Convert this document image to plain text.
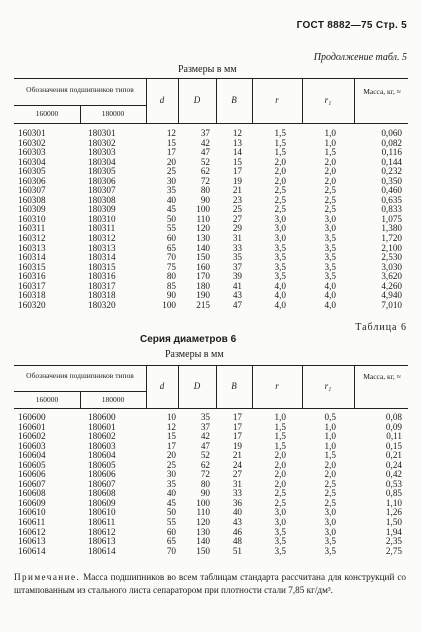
ГОСТ 8882—75 Стр. 5
Продолжение табл. 5
Размеры в мм
Обозначения подшипников типов
160000	180000
d	D	B	r	r₁
Масса, кг, ≈
160301	180301	12	37	12	1,5	1,0	0,060
160302	180302	15	42	13	1,5	1,0	0,082
160303	180303	17	47	14	1,5	1,5	0,116
160304	180304	20	52	15	2,0	2,0	0,144
160305	180305	25	62	17	2,0	2,0	0,232
160306	180306	30	72	19	2,0	2,0	0,350
160307	180307	35	80	21	2,5	2,5	0,460
160308	180308	40	90	23	2,5	2,5	0,635
160309	180309	45	100	25	2,5	2,5	0,833
160310	180310	50	110	27	3,0	3,0	1,075
160311	180311	55	120	29	3,0	3,0	1,380
160312	180312	60	130	31	3,0	3,5	1,720
160313	180313	65	140	33	3,5	3,5	2,100
160314	180314	70	150	35	3,5	3,5	2,530
160315	180315	75	160	37	3,5	3,5	3,030
160316	180316	80	170	39	3,5	3,5	3,620
160317	180317	85	180	41	4,0	4,0	4,260
160318	180318	90	190	43	4,0	4,0	4,940
160320	180320	100	215	47	4,0	4,0	7,010
Таблица 6
Серия диаметров 6
Размеры в мм
Обозначения подшипников типов
160000	180000
d	D	B	r	r₁
Масса, кг, ≈
160600	180600	10	35	17	1,0	0,5	0,08
160601	180601	12	37	17	1,5	1,0	0,09
160602	180602	15	42	17	1,5	1,0	0,11
160603	180603	17	47	19	1,5	1,0	0,15
160604	180604	20	52	21	2,0	1,5	0,21
160605	180605	25	62	24	2,0	2,0	0,24
160606	180606	30	72	27	2,0	2,0	0,42
160607	180607	35	80	31	2,0	2,5	0,53
160608	180608	40	90	33	2,5	2,5	0,85
160609	180609	45	100	36	2,5	2,5	1,10
160610	180610	50	110	40	3,0	3,0	1,26
160611	180611	55	120	43	3,0	3,0	1,50
160612	180612	60	130	46	3,5	3,0	1,94
160613	180613	65	140	48	3,5	3,5	2,35
160614	180614	70	150	51	3,5	3,5	2,75
Примечание. Масса подшипников во всем таблицам стандарта рассчитана для конструкций со штампованным из стального листа сепаратором при плотности стали 7,85 кг/дм³.
